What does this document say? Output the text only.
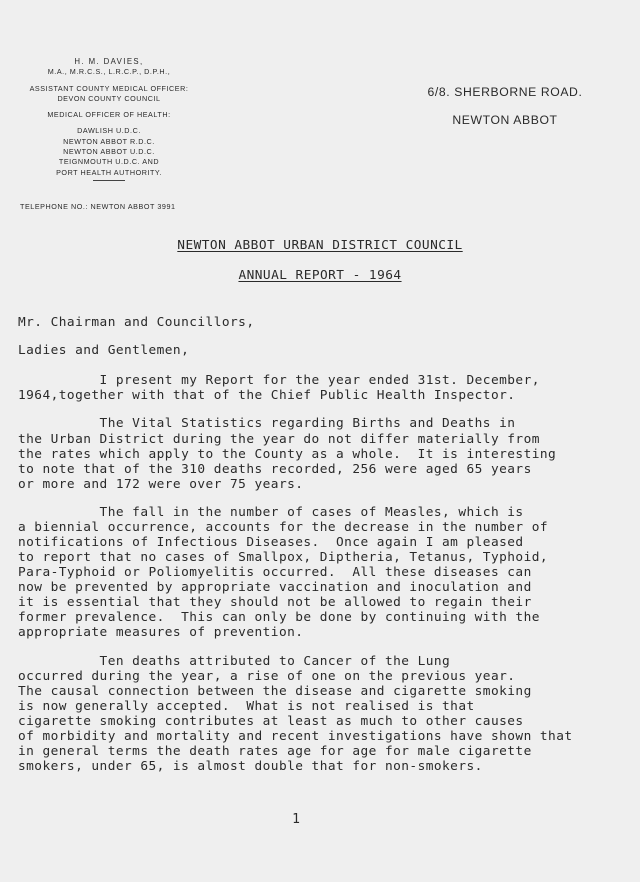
H. M. DAVIES,
M.A., M.R.C.S., L.R.C.P., D.P.H.,
ASSISTANT COUNTY MEDICAL OFFICER:
DEVON COUNTY COUNCIL
MEDICAL OFFICER OF HEALTH:
DAWLISH U.D.C.
NEWTON ABBOT R.D.C.
NEWTON ABBOT U.D.C.
TEIGNMOUTH U.D.C. AND
PORT HEALTH AUTHORITY.
TELEPHONE NO.: NEWTON ABBOT 3991
6/8. SHERBORNE ROAD.
NEWTON ABBOT
NEWTON ABBOT URBAN DISTRICT COUNCIL
ANNUAL REPORT - 1964
Mr. Chairman and Councillors,
Ladies and Gentlemen,
I present my Report for the year ended 31st. December,
1964,together with that of the Chief Public Health Inspector.
The Vital Statistics regarding Births and Deaths in
the Urban District during the year do not differ materially from
the rates which apply to the County as a whole.  It is interesting
to note that of the 310 deaths recorded, 256 were aged 65 years
or more and 172 were over 75 years.
The fall in the number of cases of Measles, which is
a biennial occurrence, accounts for the decrease in the number of
notifications of Infectious Diseases.  Once again I am pleased
to report that no cases of Smallpox, Diptheria, Tetanus, Typhoid,
Para-Typhoid or Poliomyelitis occurred.  All these diseases can
now be prevented by appropriate vaccination and inoculation and
it is essential that they should not be allowed to regain their
former prevalence.  This can only be done by continuing with the
appropriate measures of prevention.
Ten deaths attributed to Cancer of the Lung
occurred during the year, a rise of one on the previous year.
The causal connection between the disease and cigarette smoking
is now generally accepted.  What is not realised is that
cigarette smoking contributes at least as much to other causes
of morbidity and mortality and recent investigations have shown that
in general terms the death rates age for age for male cigarette
smokers, under 65, is almost double that for non-smokers.
1
